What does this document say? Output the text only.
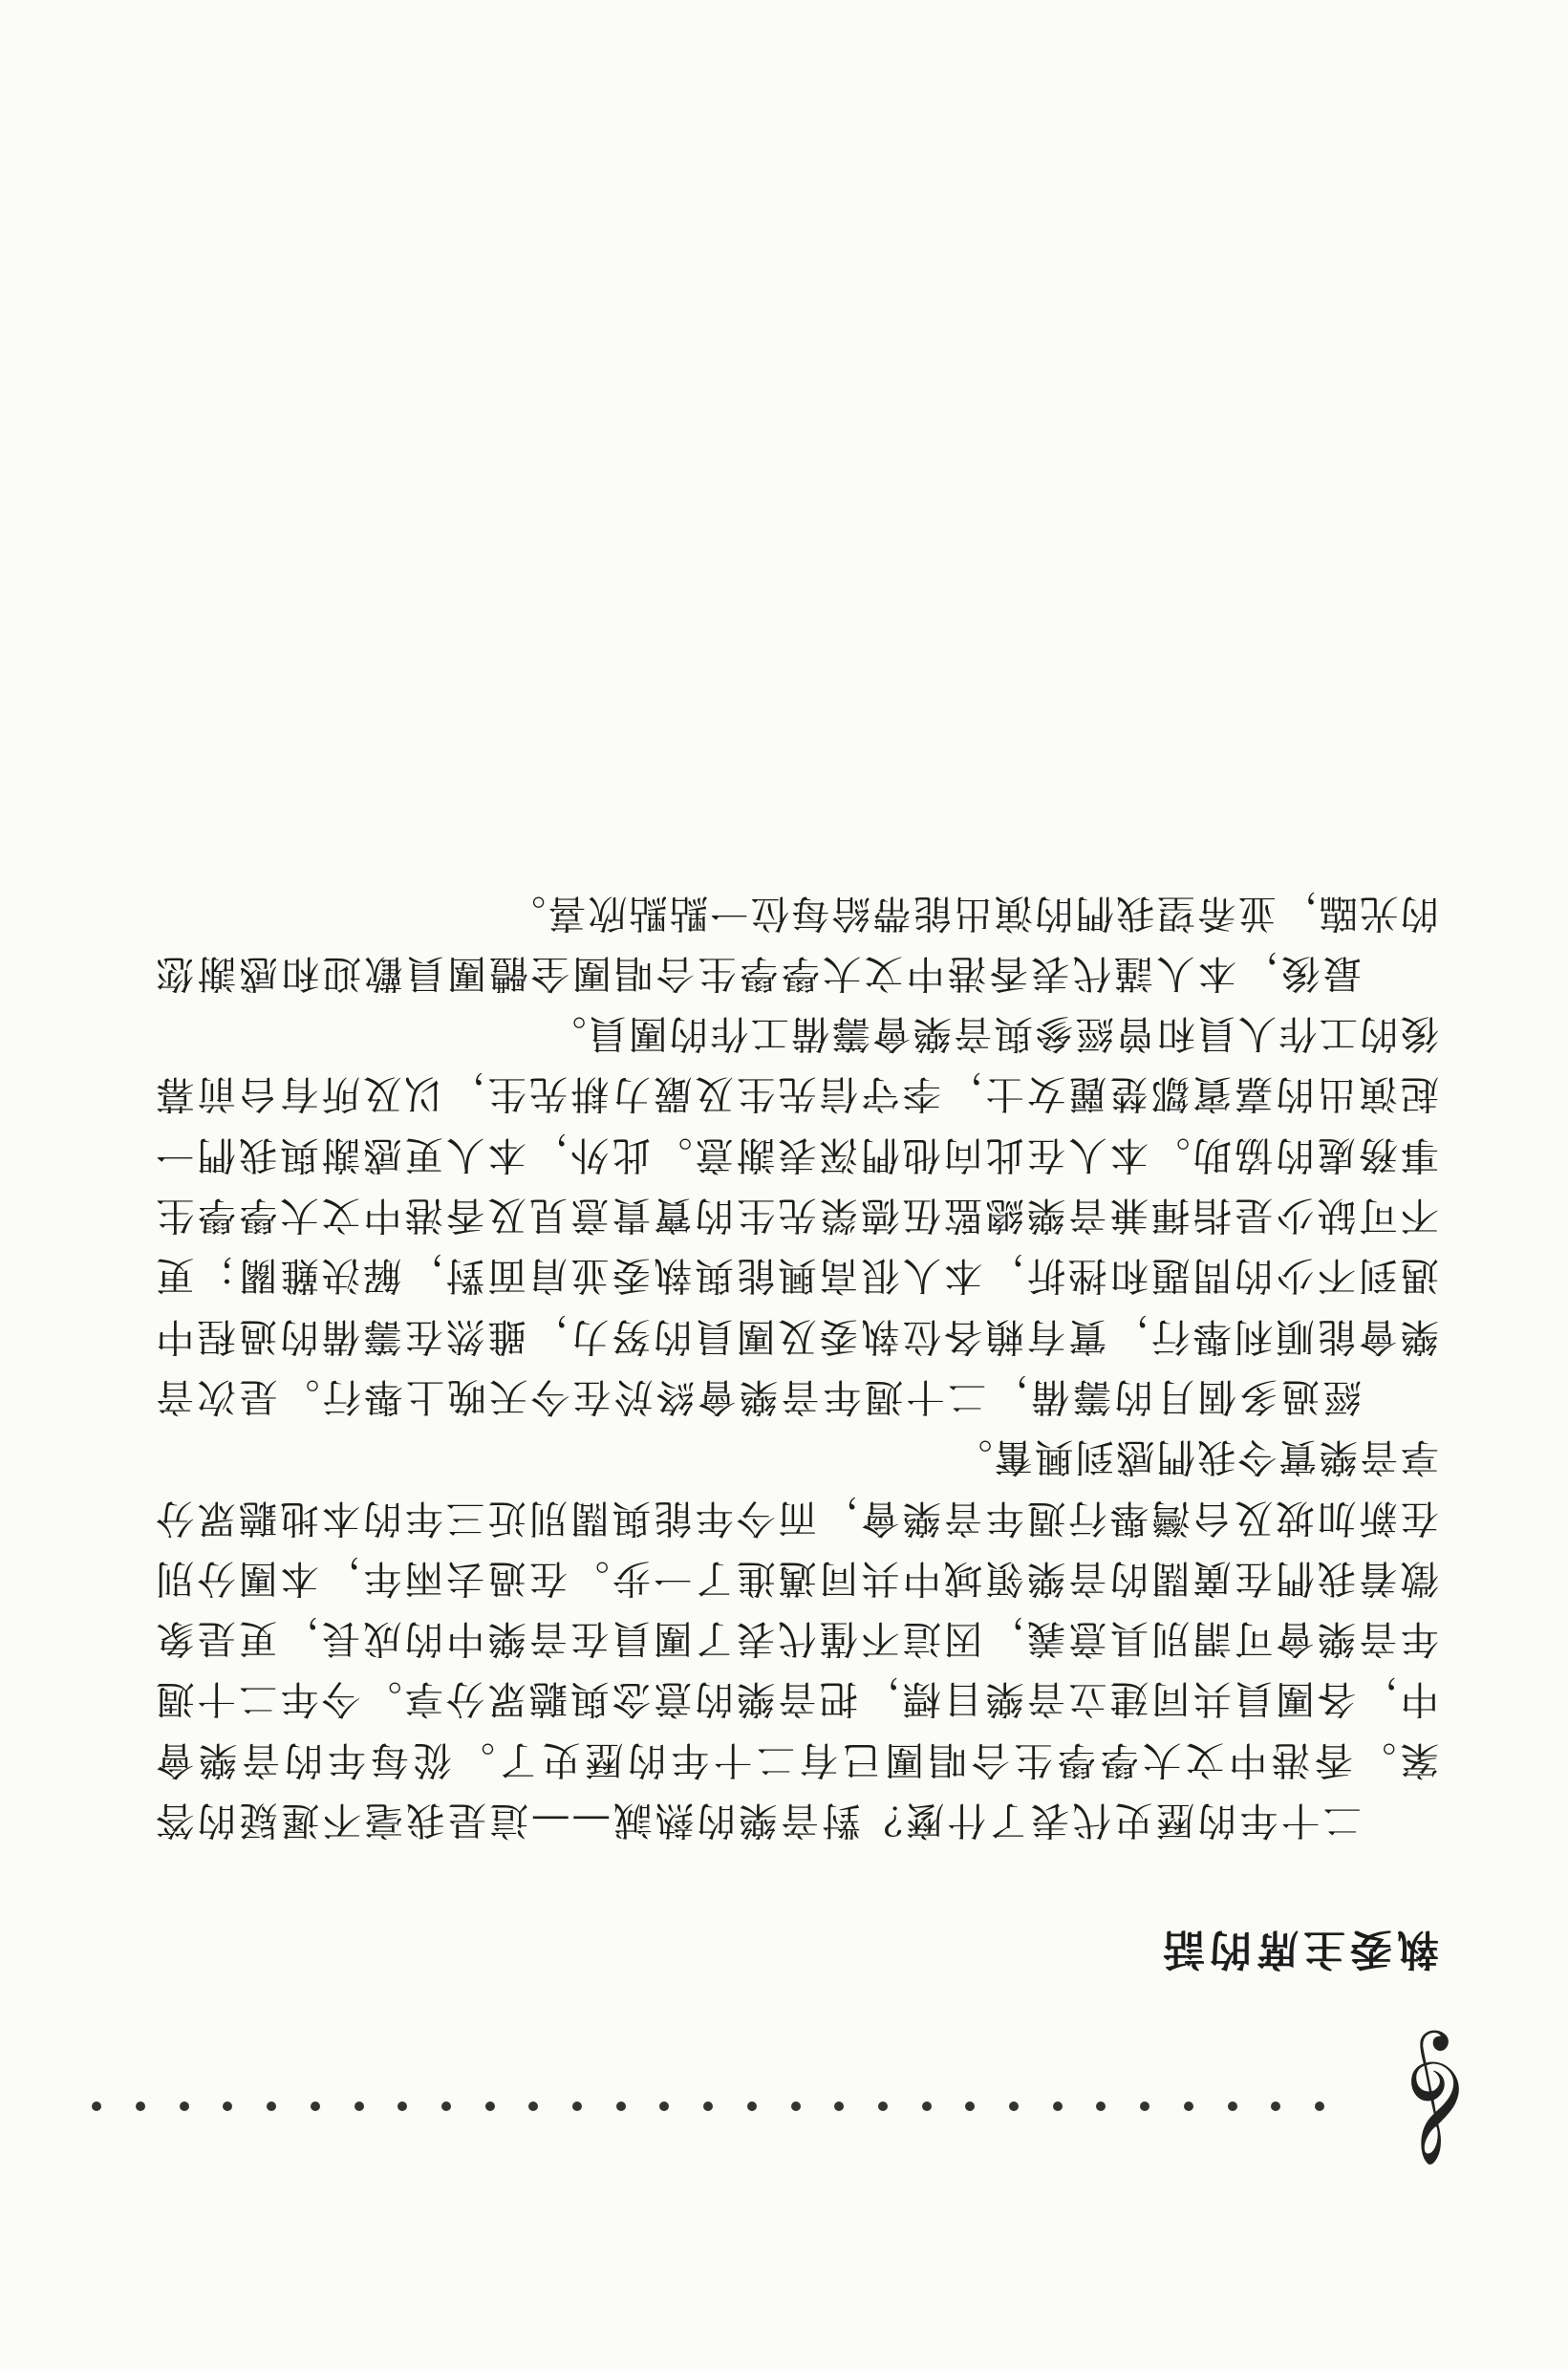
𝄞
執委主席的話

二十年的歷史代表了什麼？對音樂的熱誠——這是我毫不遲疑的答案。香港中文大學學生合唱團已有二十年的歷史了。從每年的音樂會中，各團員共同建立音樂目標，把音樂的意念與聽眾分享。今年二十週年音樂會可謂別具意義，因這不僅代表了團員在音樂中的成長，更是象徵着我們在廣闊的音樂領域中共同邁進了一步。在過去兩年，本團分別在新加坡及台灣舉行週年音樂會，而今年能與闊別近三年的本地聽眾分享音樂實令我們感到興奮。

經過多個月的籌備，二十週年音樂會終於在今天晚上舉行。是次音樂會能順利舉行，實有賴各位執委及團員的努力，雖然在籌備的過程中遇到不少的問題和挫折，本人很高興能與執委並肩面對，解決難關；更不可缺少是指揮兼音樂總監伍德榮先生的寶貴意見及香港中文大學學生事務處的協助。本人在此向他們深表謝意。此外，本人更感謝與我們一起演出的嘉賓鄒楚麗女士，李守信先生及嚴力耕先生，以及所有台前幕後的工作人員和曾經參與音樂會籌備工作的團員。

最後，本人謹代表香港中文大學學生合唱團全體團員歡迎和感謝您的光臨，並希望我們的演出能帶給每位一點點欣喜。
